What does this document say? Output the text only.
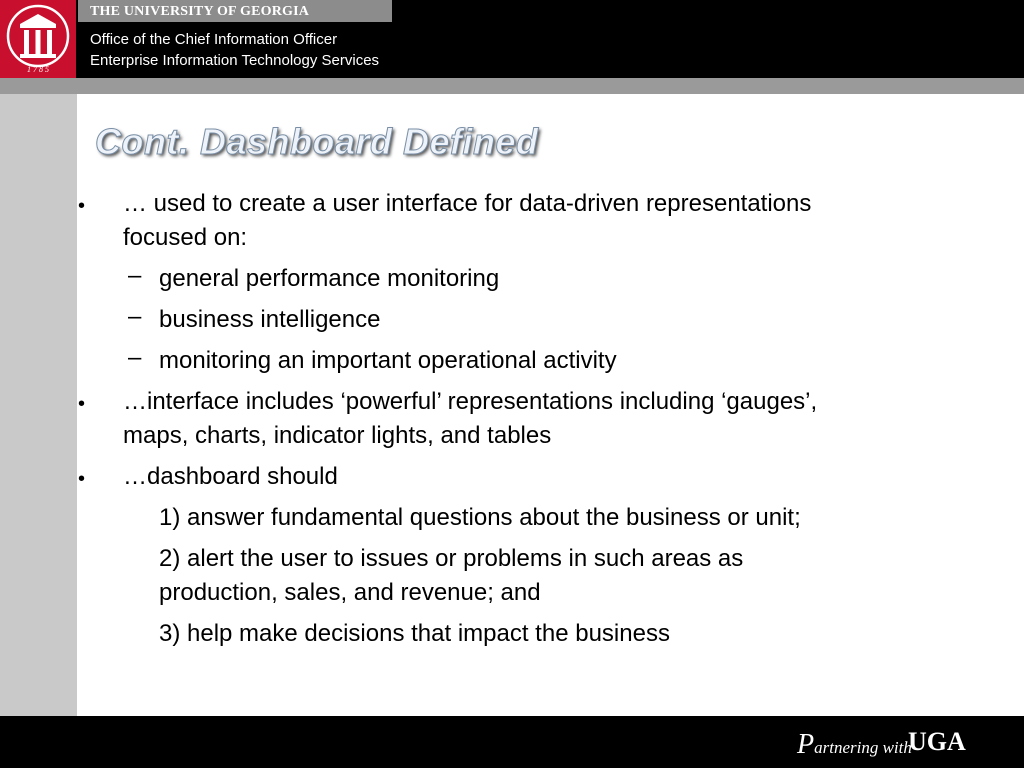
1 7 8 5
THE UNIVERSITY OF GEORGIA
Office of the Chief Information Officer
Enterprise Information Technology Services
Cont. Dashboard Defined
• … used to create a user interface for data-driven representations
focused on:
– general performance monitoring
– business intelligence
– monitoring an important operational activity
• …interface includes ‘powerful’ representations including ‘gauges’,
maps, charts, indicator lights, and tables
• …dashboard should
1) answer fundamental questions about the business or unit;
2) alert the user to issues or problems in such areas as
production, sales, and revenue; and
3) help make decisions that impact the business
Partnering with
UGA
